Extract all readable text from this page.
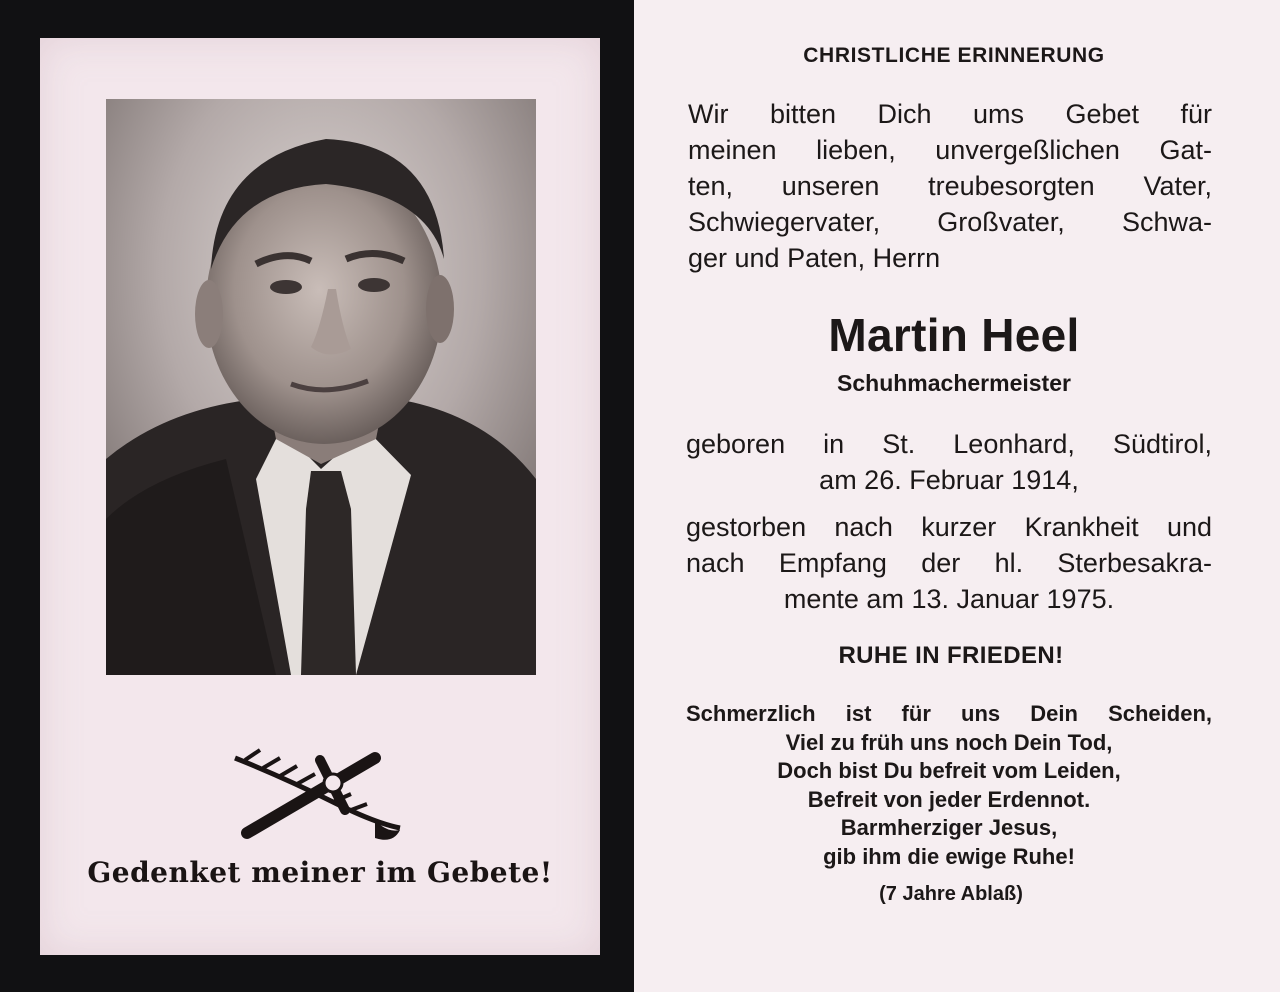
Gedenket meiner im Gebete!
CHRISTLICHE ERINNERUNG
Wir bitten Dich ums Gebet für
meinen lieben, unvergeßlichen Gat-
ten, unseren treubesorgten Vater,
Schwiegervater, Großvater, Schwa-
ger und Paten, Herrn
Martin Heel
Schuhmachermeister
geboren in St. Leonhard, Südtirol,
am 26. Februar 1914,
gestorben nach kurzer Krankheit und
nach Empfang der hl. Sterbesakra-
mente am 13. Januar 1975.
RUHE IN FRIEDEN!
Schmerzlich ist für uns Dein Scheiden,
Viel zu früh uns noch Dein Tod,
Doch bist Du befreit vom Leiden,
Befreit von jeder Erdennot.
Barmherziger Jesus,
gib ihm die ewige Ruhe!
(7 Jahre Ablaß)
